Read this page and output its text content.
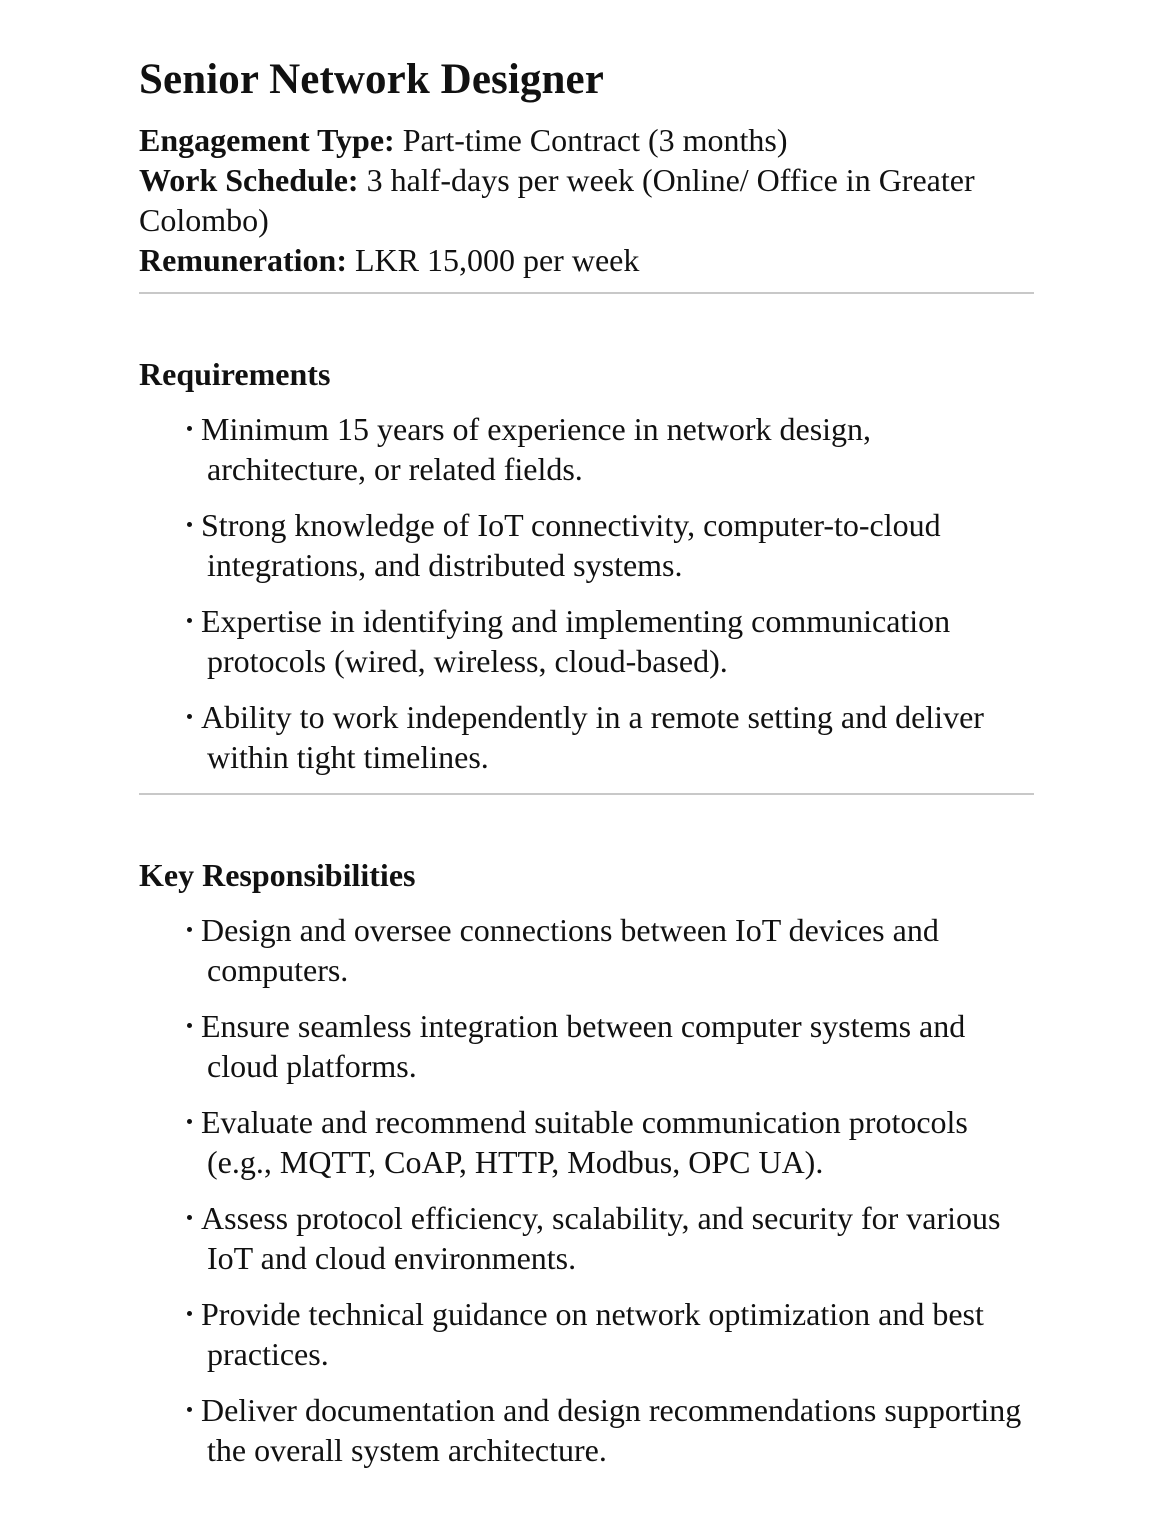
Senior Network Designer
Engagement Type: Part-time Contract (3 months)
Work Schedule: 3 half-days per week (Online/ Office in Greater Colombo)
Remuneration: LKR 15,000 per week
Requirements
Minimum 15 years of experience in network design, architecture, or related fields.
Strong knowledge of IoT connectivity, computer-to-cloud integrations, and distributed systems.
Expertise in identifying and implementing communication protocols (wired, wireless, cloud-based).
Ability to work independently in a remote setting and deliver within tight timelines.
Key Responsibilities
Design and oversee connections between IoT devices and computers.
Ensure seamless integration between computer systems and cloud platforms.
Evaluate and recommend suitable communication protocols (e.g., MQTT, CoAP, HTTP, Modbus, OPC UA).
Assess protocol efficiency, scalability, and security for various IoT and cloud environments.
Provide technical guidance on network optimization and best practices.
Deliver documentation and design recommendations supporting the overall system architecture.
